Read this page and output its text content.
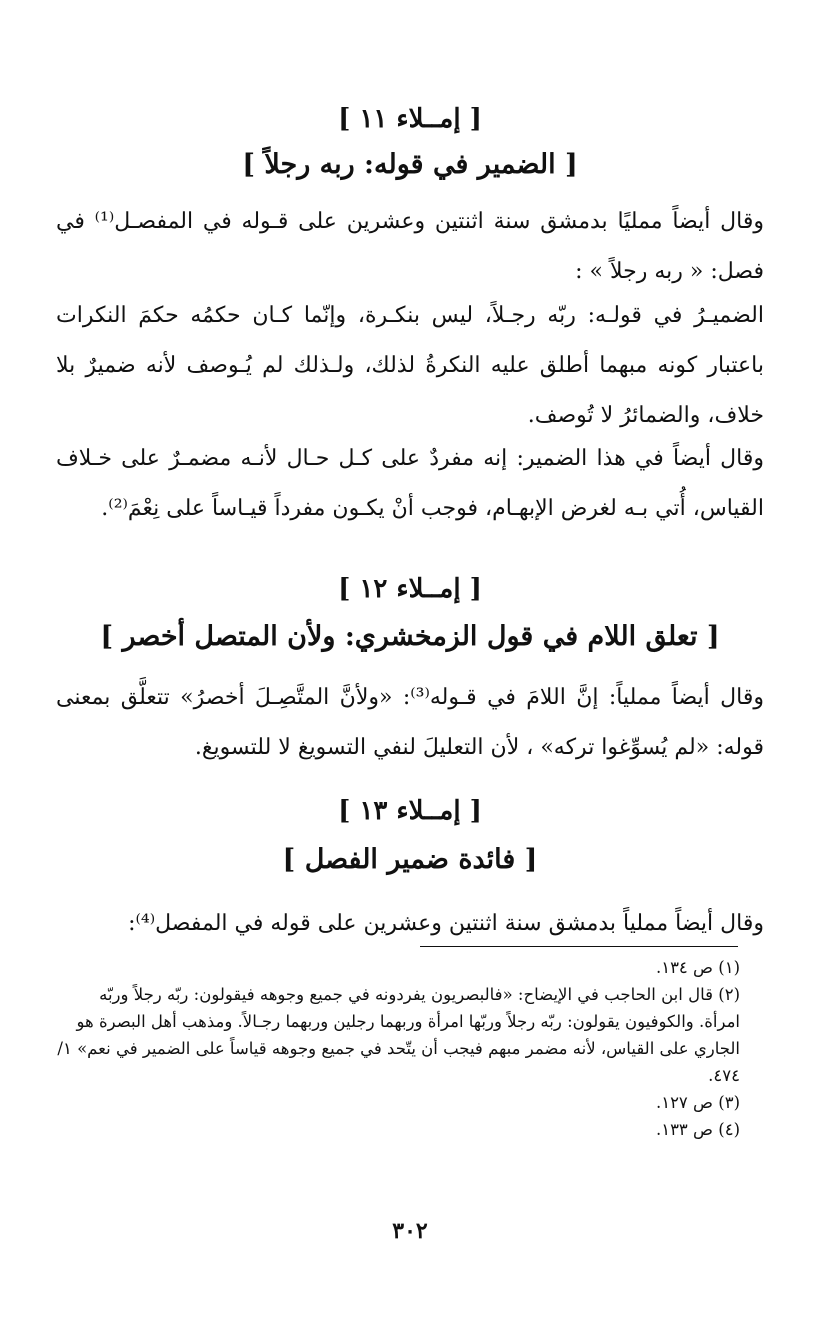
[ إمــلاء ١١ ]
[ الضمير في قوله: ربه رجلاً ]
وقال أيضاً ممليًا بدمشق سنة اثنتين وعشرين على قـوله في المفصـل⁽¹⁾ في فصل: « ربه رجلاً » :
الضميـرُ في قولـه: ربّه رجـلاً، ليس بنكـرة، وإنّما كـان حكمُه حكمَ النكرات باعتبار كونه مبهما أطلق عليه النكرةُ لذلك، ولـذلك لم يُـوصف لأنه ضميرٌ بلا خلاف، والضمائرُ لا تُوصف.
وقال أيضاً في هذا الضمير: إنه مفردٌ على كـل حـال لأنـه مضمـرٌ على خـلاف القياس، أُتي بـه لغرض الإبهـام، فوجب أنْ يكـون مفرداً قيـاساً على نِعْمَ⁽²⁾.
[ إمــلاء ١٢ ]
[ تعلق اللام في قول الزمخشري: ولأن المتصل أخصر ]
وقال أيضاً مملياً: إنَّ اللامَ في قـوله⁽³⁾: «ولأنَّ المتَّصِـلَ أخصرُ» تتعلَّق بمعنى قوله: «لم يُسوِّغوا تركه» ، لأن التعليلَ لنفي التسويغ لا للتسويغ.
[ إمــلاء ١٣ ]
[ فائدة ضمير الفصل ]
وقال أيضاً مملياً بدمشق سنة اثنتين وعشرين على قوله في المفصل⁽⁴⁾:
(١) ص ١٣٤.
(٢) قال ابن الحاجب في الإيضاح: «فالبصريون يفردونه في جميع وجوهه فيقولون: ربّه رجلاً وربّه امرأة. والكوفيون يقولون: ربّه رجلاً وربّها امرأة وربهما رجلين وربهما رجـالاً. ومذهب أهل البصرة هو الجاري على القياس، لأنه مضمر مبهم فيجب أن يتّحد في جميع وجوهه قياساً على الضمير في نعم» ١/ ٤٧٤.
(٣) ص ١٢٧.
(٤) ص ١٣٣.
٣٠٢
